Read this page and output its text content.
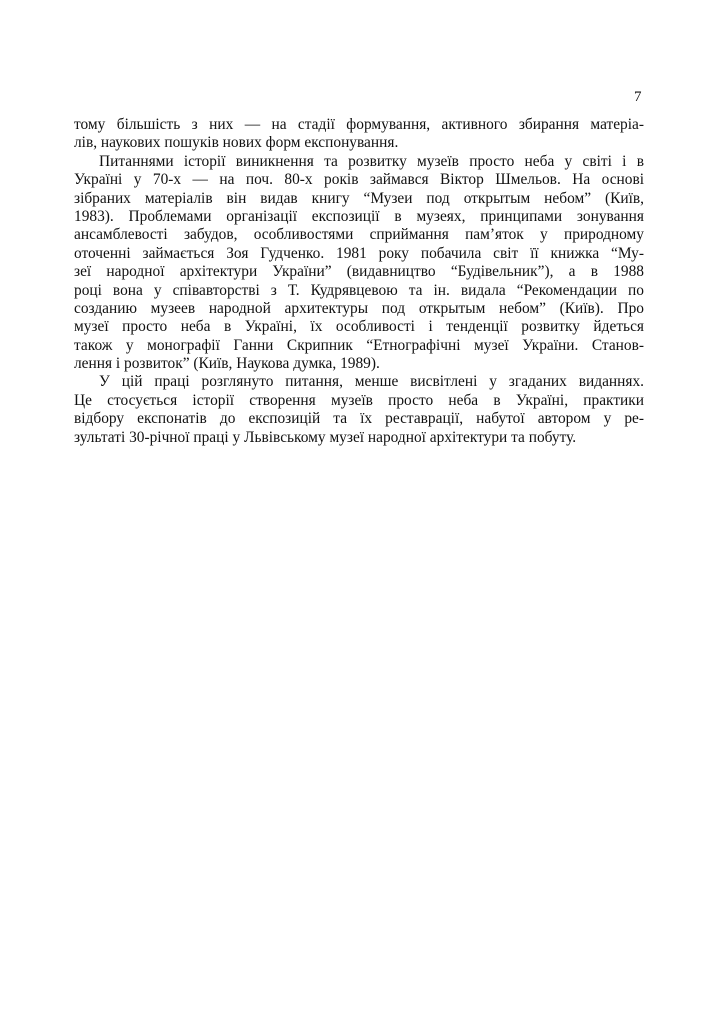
7
тому більшість з них — на стадії формування, активного збирання матеріа-
лів, наукових пошуків нових форм експонування.
Питаннями історії виникнення та розвитку музеїв просто неба у світі і в
Україні у 70-х — на поч. 80-х років займався Віктор Шмельов. На основі
зібраних матеріалів він видав книгу “Музеи под открытым небом” (Київ,
1983). Проблемами організації експозиції в музеях, принципами зонування
ансамблевості забудов, особливостями сприймання пам’яток у природному
оточенні займається Зоя Гудченко. 1981 року побачила світ її книжка “Му-
зеї народної архітектури України” (видавництво “Будівельник”), а в 1988
році вона у співавторстві з Т. Кудрявцевою та ін. видала “Рекомендации по
созданию музеев народной архитектуры под открытым небом” (Київ). Про
музеї просто неба в Україні, їх особливості і тенденції розвитку йдеться
також у монографії Ганни Скрипник “Етнографічні музеї України. Станов-
лення і розвиток” (Київ, Наукова думка, 1989).
У цій праці розглянуто питання, менше висвітлені у згаданих виданнях.
Це стосується історії створення музеїв просто неба в Україні, практики
відбору експонатів до експозицій та їх реставрації, набутої автором у ре-
зультаті 30-річної праці у Львівському музеї народної архітектури та побуту.
